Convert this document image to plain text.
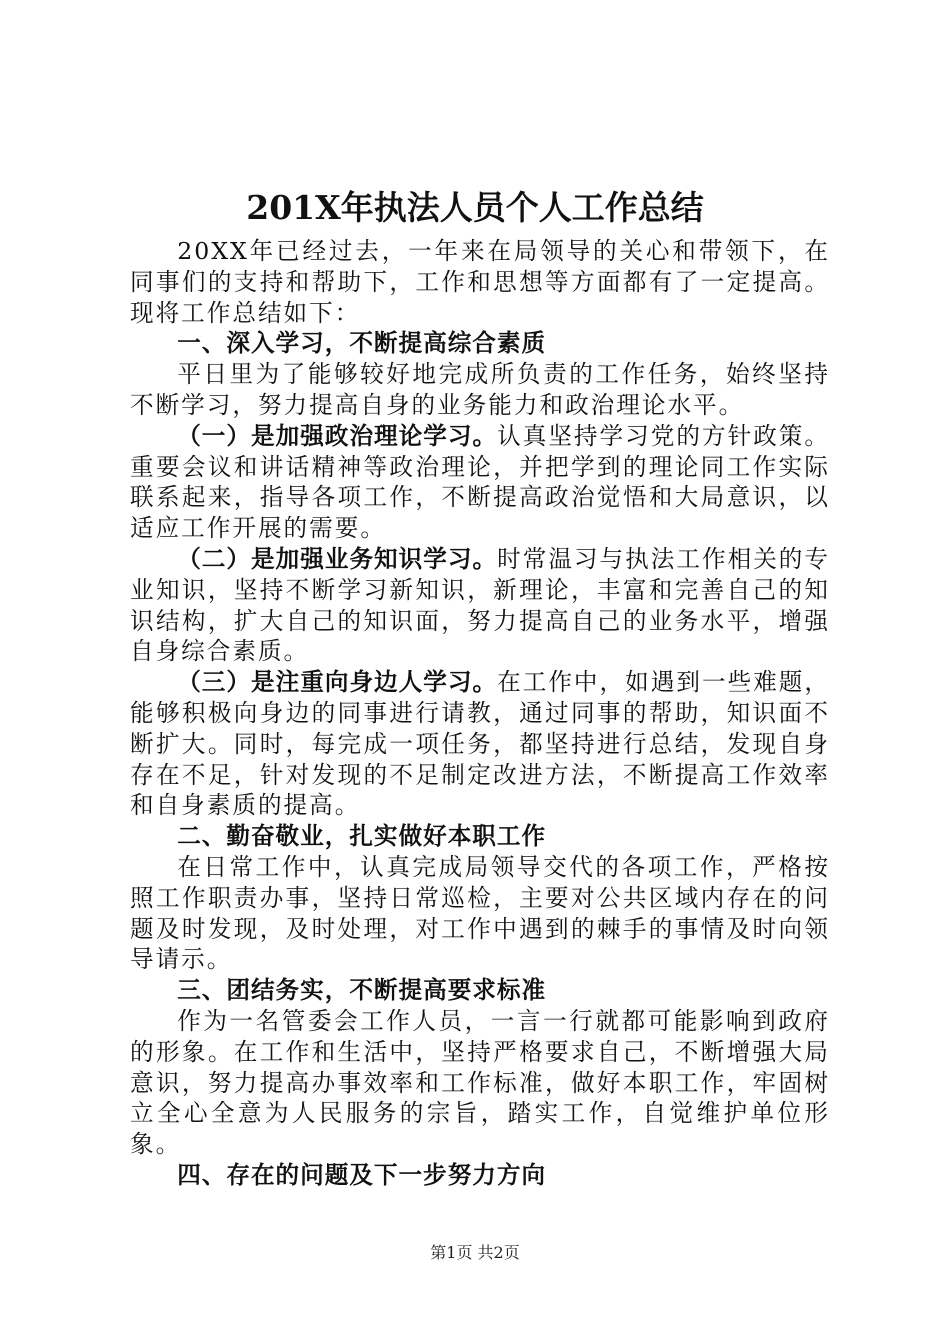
201X年执法人员个人工作总结

20XX年已经过去，一年来在局领导的关心和带领下，在同事们的支持和帮助下，工作和思想等方面都有了一定提高。现将工作总结如下：

一、深入学习，不断提高综合素质

平日里为了能够较好地完成所负责的工作任务，始终坚持不断学习，努力提高自身的业务能力和政治理论水平。

（一）是加强政治理论学习。认真坚持学习党的方针政策。重要会议和讲话精神等政治理论，并把学到的理论同工作实际联系起来，指导各项工作，不断提高政治觉悟和大局意识，以适应工作开展的需要。

（二）是加强业务知识学习。时常温习与执法工作相关的专业知识，坚持不断学习新知识，新理论，丰富和完善自己的知识结构，扩大自己的知识面，努力提高自己的业务水平，增强自身综合素质。

（三）是注重向身边人学习。在工作中，如遇到一些难题，能够积极向身边的同事进行请教，通过同事的帮助，知识面不断扩大。同时，每完成一项任务，都坚持进行总结，发现自身存在不足，针对发现的不足制定改进方法，不断提高工作效率和自身素质的提高。

二、勤奋敬业，扎实做好本职工作

在日常工作中，认真完成局领导交代的各项工作，严格按照工作职责办事，坚持日常巡检，主要对公共区域内存在的问题及时发现，及时处理，对工作中遇到的棘手的事情及时向领导请示。

三、团结务实，不断提高要求标准

作为一名管委会工作人员，一言一行就都可能影响到政府的形象。在工作和生活中，坚持严格要求自己，不断增强大局意识，努力提高办事效率和工作标准，做好本职工作，牢固树立全心全意为人民服务的宗旨，踏实工作，自觉维护单位形象。

四、存在的问题及下一步努力方向

第1页 共2页
